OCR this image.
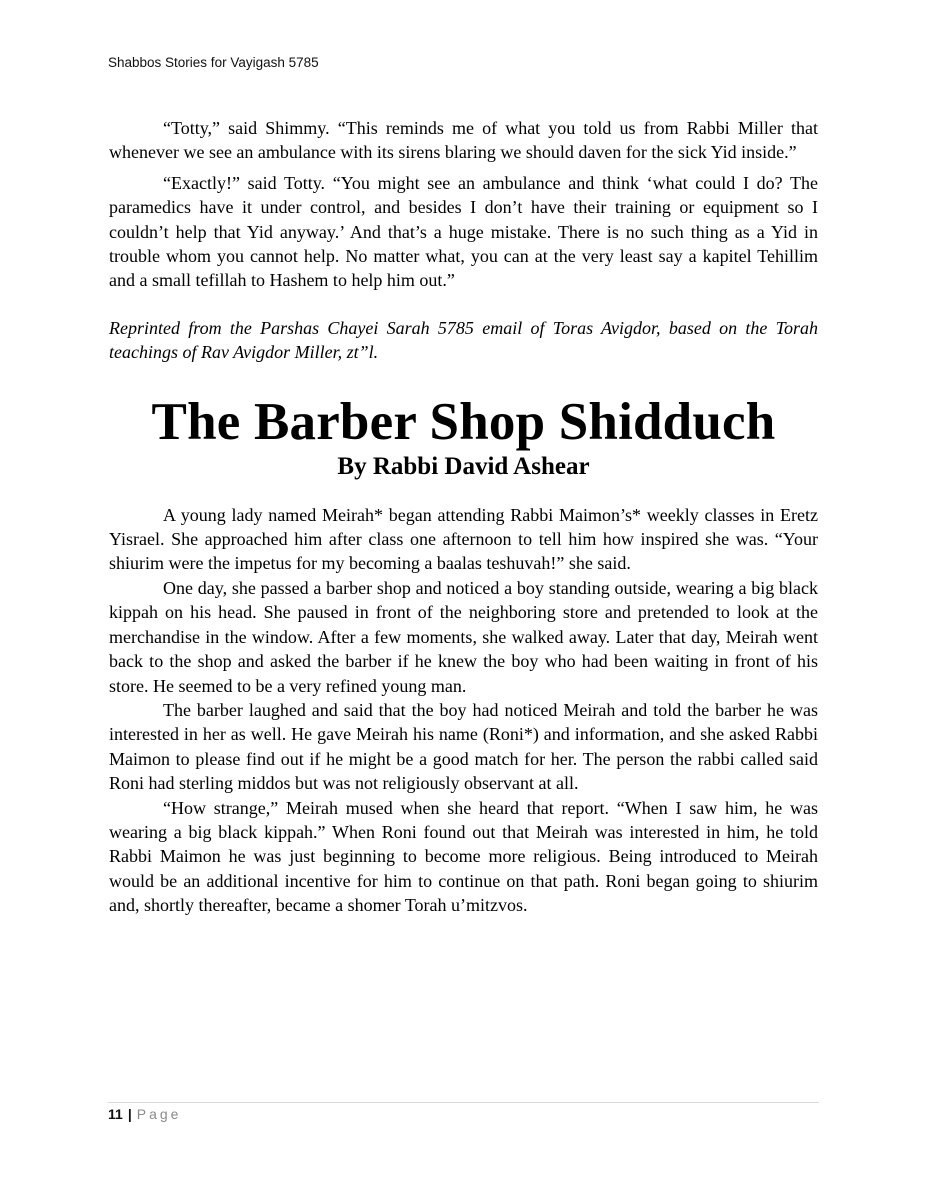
Shabbos Stories for Vayigash 5785

“Totty,” said Shimmy. “This reminds me of what you told us from Rabbi Miller that whenever we see an ambulance with its sirens blaring we should daven for the sick Yid inside.”

“Exactly!” said Totty. “You might see an ambulance and think ‘what could I do? The paramedics have it under control, and besides I don’t have their training or equipment so I couldn’t help that Yid anyway.’ And that’s a huge mistake. There is no such thing as a Yid in trouble whom you cannot help. No matter what, you can at the very least say a kapitel Tehillim and a small tefillah to Hashem to help him out.”

Reprinted from the Parshas Chayei Sarah 5785 email of Toras Avigdor, based on the Torah teachings of Rav Avigdor Miller, zt”l.

The Barber Shop Shidduch
By Rabbi David Ashear

A young lady named Meirah* began attending Rabbi Maimon’s* weekly classes in Eretz Yisrael. She approached him after class one afternoon to tell him how inspired she was. “Your shiurim were the impetus for my becoming a baalas teshuvah!” she said.

One day, she passed a barber shop and noticed a boy standing outside, wearing a big black kippah on his head. She paused in front of the neighboring store and pretended to look at the merchandise in the window. After a few moments, she walked away. Later that day, Meirah went back to the shop and asked the barber if he knew the boy who had been waiting in front of his store. He seemed to be a very refined young man.

The barber laughed and said that the boy had noticed Meirah and told the barber he was interested in her as well. He gave Meirah his name (Roni*) and information, and she asked Rabbi Maimon to please find out if he might be a good match for her. The person the rabbi called said Roni had sterling middos but was not religiously observant at all.

“How strange,” Meirah mused when she heard that report. “When I saw him, he was wearing a big black kippah.” When Roni found out that Meirah was interested in him, he told Rabbi Maimon he was just beginning to become more religious. Being introduced to Meirah would be an additional incentive for him to continue on that path. Roni began going to shiurim and, shortly thereafter, became a shomer Torah u’mitzvos.

11 | Page
